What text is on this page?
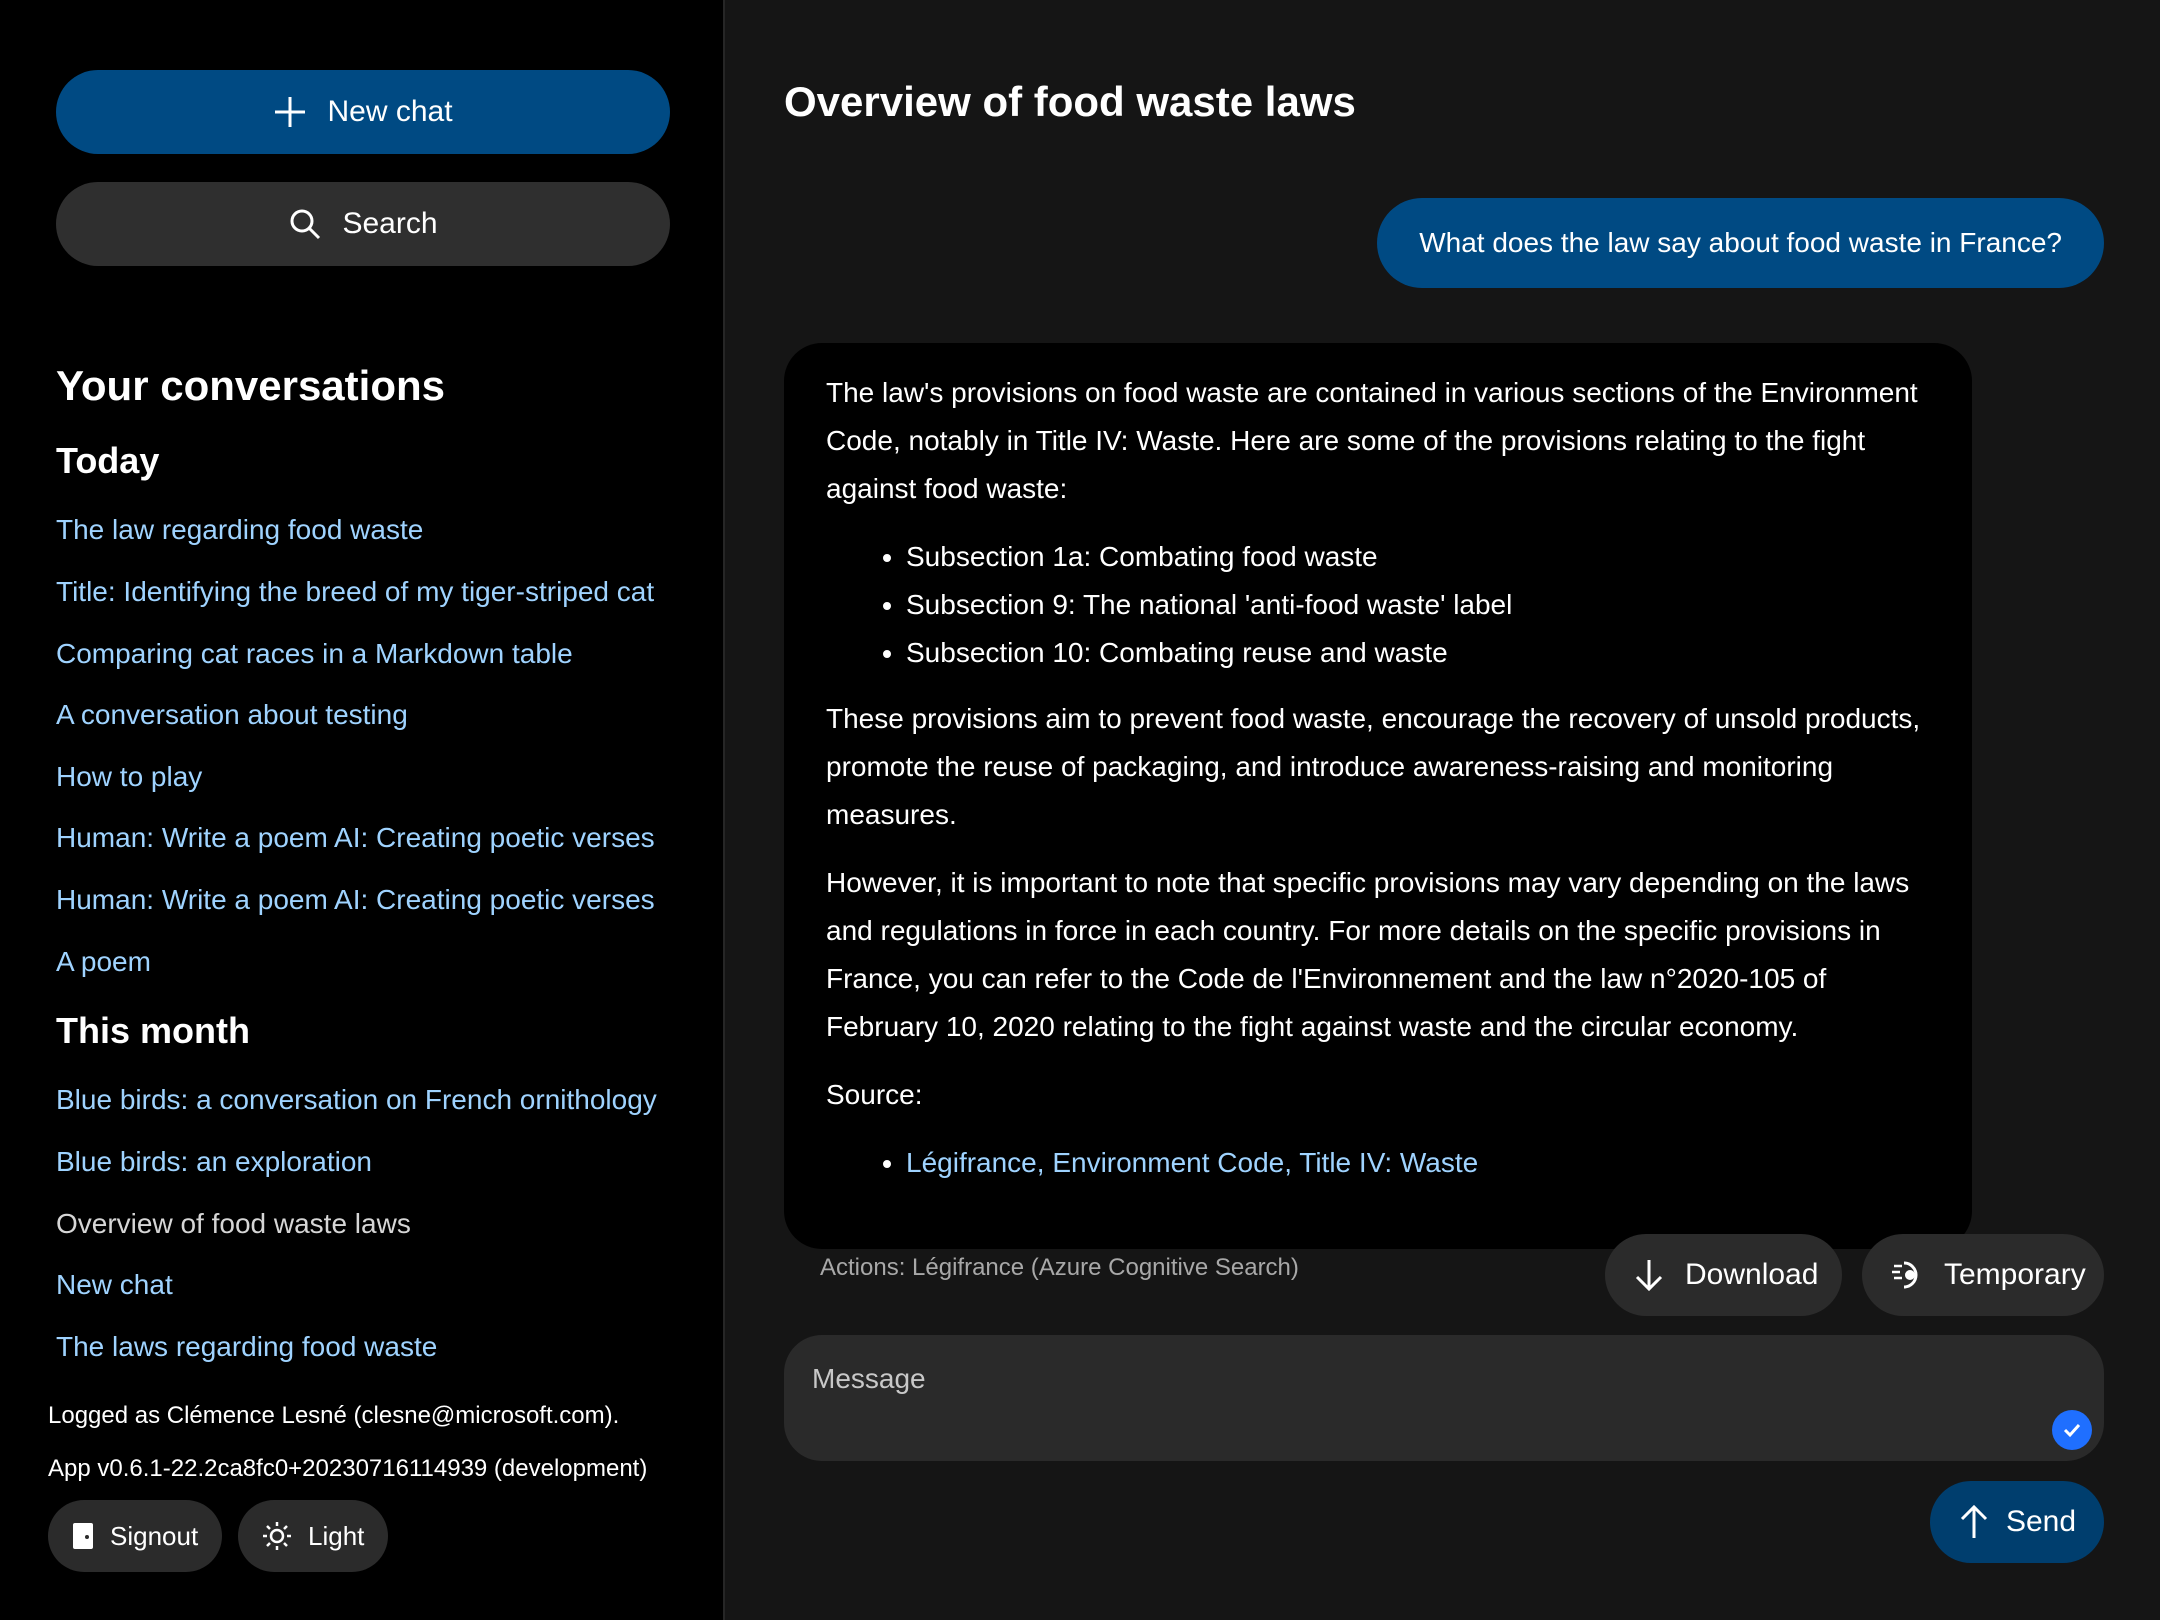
New chat
Search
Your conversations
Today
The law regarding food waste
Title: Identifying the breed of my tiger-striped cat
Comparing cat races in a Markdown table
A conversation about testing
How to play
Human: Write a poem AI: Creating poetic verses
Human: Write a poem AI: Creating poetic verses
A poem
This month
Blue birds: a conversation on French ornithology
Blue birds: an exploration
Overview of food waste laws
New chat
The laws regarding food waste
Logged as Clémence Lesné (clesne@microsoft.com).
App v0.6.1-22.2ca8fc0+20230716114939 (development)
Signout	Light
Overview of food waste laws
What does the law say about food waste in France?

The law's provisions on food waste are contained in various sections of the Environment Code, notably in Title IV: Waste. Here are some of the provisions relating to the fight against food waste:

• Subsection 1a: Combating food waste
• Subsection 9: The national 'anti-food waste' label
• Subsection 10: Combating reuse and waste

These provisions aim to prevent food waste, encourage the recovery of unsold products, promote the reuse of packaging, and introduce awareness-raising and monitoring measures.

However, it is important to note that specific provisions may vary depending on the laws and regulations in force in each country. For more details on the specific provisions in France, you can refer to the Code de l'Environnement and the law n°2020-105 of February 10, 2020 relating to the fight against waste and the circular economy.

Source:

• Légifrance, Environment Code, Title IV: Waste
Actions: Légifrance (Azure Cognitive Search)	Download	Temporary
Message
Send
